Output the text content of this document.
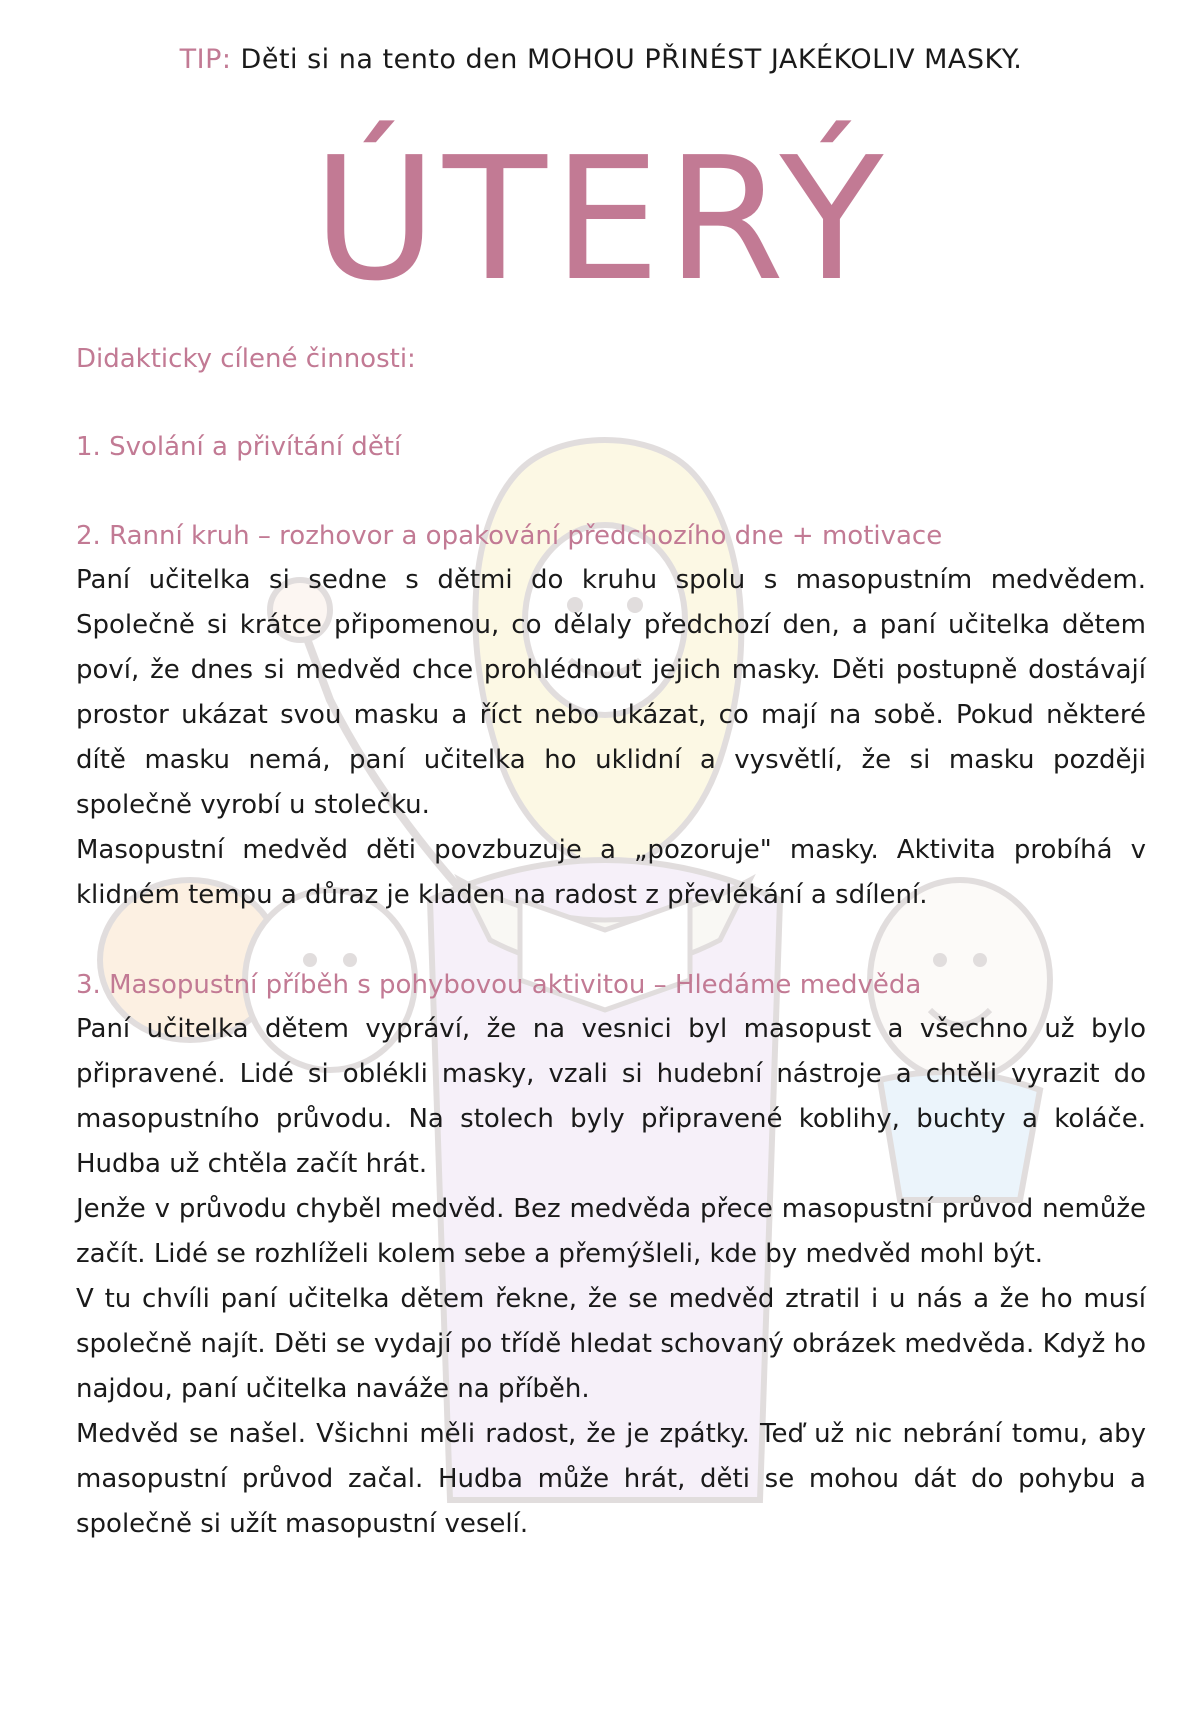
TIP: Děti si na tento den MOHOU PŘINÉST JAKÉKOLIV MASKY.
ÚTERÝ
Didakticky cílené činnosti:
1. Svolání a přivítání dětí
2. Ranní kruh – rozhovor a opakování předchozího dne + motivace

Paní učitelka si sedne s dětmi do kruhu spolu s masopustním medvědem. Společně si krátce připomenou, co dělaly předchozí den, a paní učitelka dětem poví, že dnes si medvěd chce prohlédnout jejich masky. Děti postupně dostávají prostor ukázat svou masku a říct nebo ukázat, co mají na sobě. Pokud některé dítě masku nemá, paní učitelka ho uklidní a vysvětlí, že si masku později společně vyrobí u stolečku.

Masopustní medvěd děti povzbuzuje a „pozoruje" masky. Aktivita probíhá v klidném tempu a důraz je kladen na radost z převlékání a sdílení.

3. Masopustní příběh s pohybovou aktivitou – Hledáme medvěda

Paní učitelka dětem vypráví, že na vesnici byl masopust a všechno už bylo připravené. Lidé si oblékli masky, vzali si hudební nástroje a chtěli vyrazit do masopustního průvodu. Na stolech byly připravené koblihy, buchty a koláče. Hudba už chtěla začít hrát.

Jenže v průvodu chyběl medvěd. Bez medvěda přece masopustní průvod nemůže začít. Lidé se rozhlíželi kolem sebe a přemýšleli, kde by medvěd mohl být.

V tu chvíli paní učitelka dětem řekne, že se medvěd ztratil i u nás a že ho musí společně najít. Děti se vydají po třídě hledat schovaný obrázek medvěda. Když ho najdou, paní učitelka naváže na příběh.

Medvěd se našel. Všichni měli radost, že je zpátky. Teď už nic nebrání tomu, aby masopustní průvod začal. Hudba může hrát, děti se mohou dát do pohybu a společně si užít masopustní veselí.
